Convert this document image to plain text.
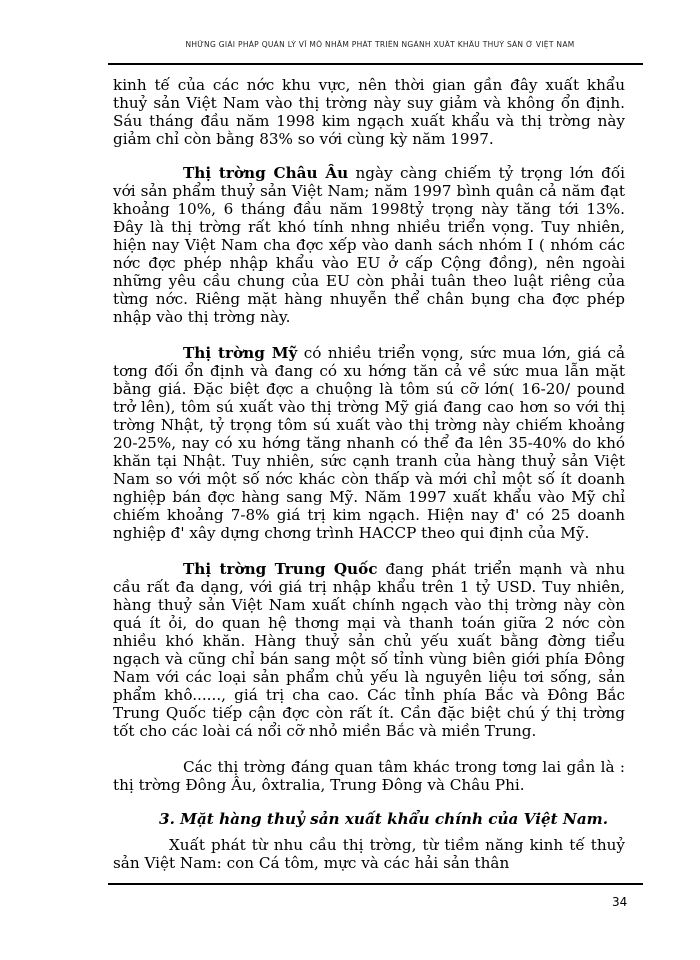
NHỮNG GIẢI PHÁP QUẢN LÝ VĨ MÔ NHẰM PHÁT TRIỂN NGÀNH XUẤT KHẨU THUỶ SẢN Ở VIỆT NAM

kinh tế của các nớc khu vực, nên thời gian gần đây xuất khẩu thuỷ sản Việt Nam vào thị trờng này suy giảm và không ổn định. Sáu tháng đầu năm 1998 kim ngạch xuất khẩu và thị trờng này giảm chỉ còn bằng 83% so với cùng kỳ năm 1997.

Thị trờng Châu Âu ngày càng chiếm tỷ trọng lớn đối với sản phẩm thuỷ sản Việt Nam; năm 1997 bình quân cả năm đạt khoảng 10%, 6 tháng đầu năm 1998tỷ trọng này tăng tới 13%. Đây là thị trờng rất khó tính nhng nhiều triển vọng. Tuy nhiên, hiện nay Việt Nam cha đợc xếp vào danh sách nhóm I ( nhóm các nớc đợc phép nhập khẩu vào EU ở cấp Cộng đồng), nên ngoài những yêu cầu chung của EU còn phải tuân theo luật riêng của từng nớc. Riêng mặt hàng nhuyễn thể chân bụng cha đợc phép nhập vào thị trờng này.

Thị trờng Mỹ có nhiều triển vọng, sức mua lớn, giá cả tơng đối ổn định và đang có xu hớng tăn cả về sức mua lẫn mặt bằng giá. Đặc biệt đợc a chuộng là tôm sú cỡ lớn( 16-20/ pound trở lên), tôm sú xuất vào thị trờng Mỹ giá đang cao hơn so với thị trờng Nhật, tỷ trọng tôm sú xuất vào thị trờng này chiếm khoảng 20-25%, nay có xu hớng tăng nhanh có thể đa lên 35-40% do khó khăn tại Nhật. Tuy nhiên, sức cạnh tranh của hàng thuỷ sản Việt Nam so với một số nớc khác còn thấp và mới chỉ một số ít doanh nghiệp bán đợc hàng sang Mỹ. Năm 1997 xuất khẩu vào Mỹ chỉ chiếm khoảng 7-8% giá trị kim ngạch. Hiện nay đ' có 25 doanh nghiệp đ' xây dựng chơng trình HACCP theo qui định của Mỹ.

Thị trờng Trung Quốc đang phát triển mạnh và nhu cầu rất đa dạng, với giá trị nhập khẩu trên 1 tỷ USD. Tuy nhiên, hàng thuỷ sản Việt Nam xuất chính ngạch vào thị trờng này còn quá ít ỏi, do quan hệ thơng mại và thanh toán giữa 2 nớc còn nhiều khó khăn. Hàng thuỷ sản chủ yếu xuất bằng đờng tiểu ngạch và cũng chỉ bán sang một số tỉnh vùng biên giới phía Đông Nam với các loại sản phẩm chủ yếu là nguyên liệu tơi sống, sản phẩm khô......, giá trị cha cao. Các tỉnh phía Bắc và Đông Bắc Trung Quốc tiếp cận đợc còn rất ít. Cần đặc biệt chú ý thị trờng tốt cho các loài cá nổi cỡ nhỏ miền Bắc và miền Trung.

Các thị trờng đáng quan tâm khác trong tơng lai gần là : thị trờng Đông Âu, ôxtralia, Trung Đông và Châu Phi.

3. Mặt hàng thuỷ sản xuất khẩu chính của Việt Nam.

Xuất phát từ nhu cầu thị trờng, từ tiềm năng kinh tế thuỷ sản Việt Nam: con Cá tôm, mực và các hải sản thân

34
